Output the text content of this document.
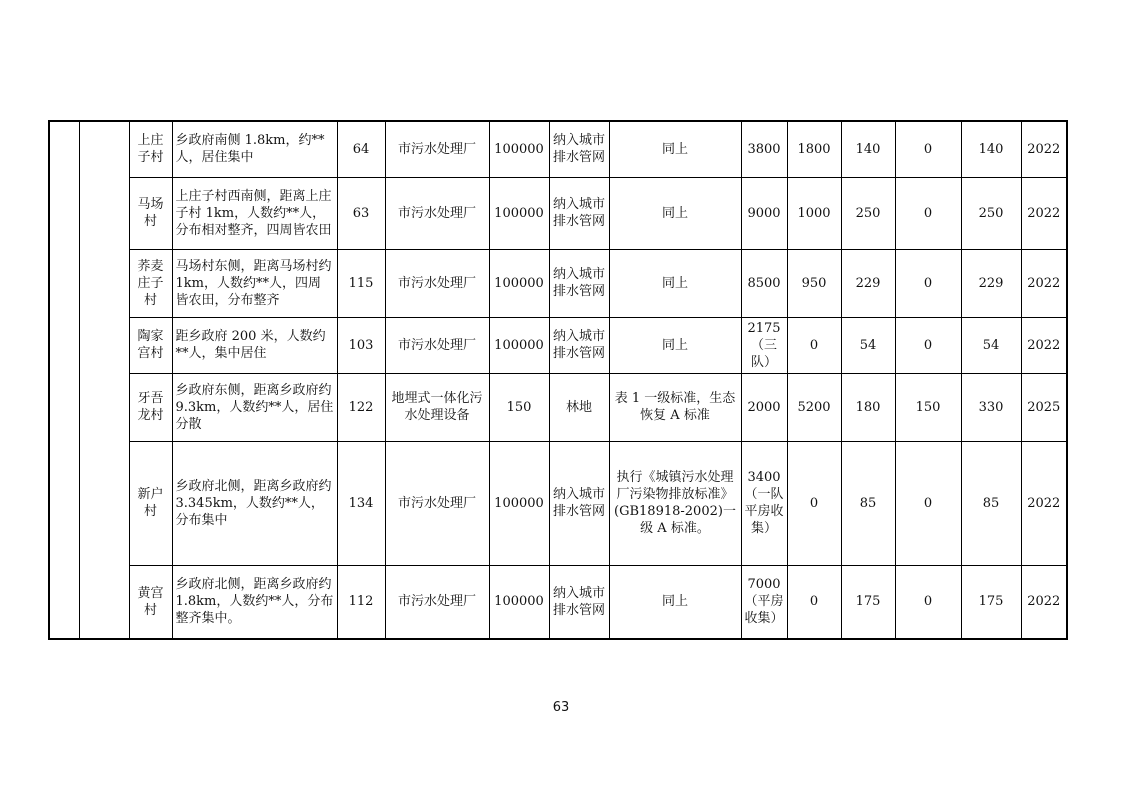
		上庄子村	乡政府南侧 1.8km，约**人，居住集中	64	市污水处理厂	100000	纳入城市排水管网	同上	3800	1800	140	0	140	2022
		马场村	上庄子村西南侧，距离上庄子村 1km，人数约**人，分布相对整齐，四周皆农田	63	市污水处理厂	100000	纳入城市排水管网	同上	9000	1000	250	0	250	2022
		荞麦庄子村	马场村东侧，距离马场村约 1km，人数约**人，四周皆农田，分布整齐	115	市污水处理厂	100000	纳入城市排水管网	同上	8500	950	229	0	229	2022
		陶家宫村	距乡政府 200 米，人数约**人，集中居住	103	市污水处理厂	100000	纳入城市排水管网	同上	2175（三队）	0	54	0	54	2022
		牙吾龙村	乡政府东侧，距离乡政府约 9.3km，人数约**人，居住分散	122	地埋式一体化污水处理设备	150	林地	表 1 一级标准，生态恢复 A 标准	2000	5200	180	150	330	2025
		新户村	乡政府北侧，距离乡政府约 3.345km，人数约**人，分布集中	134	市污水处理厂	100000	纳入城市排水管网	执行《城镇污水处理厂污染物排放标准》(GB18918-2002)一级 A 标准。	3400（一队平房收集）	0	85	0	85	2022
		黄宫村	乡政府北侧，距离乡政府约 1.8km，人数约**人，分布整齐集中。	112	市污水处理厂	100000	纳入城市排水管网	同上	7000（平房收集）	0	175	0	175	2022
63
